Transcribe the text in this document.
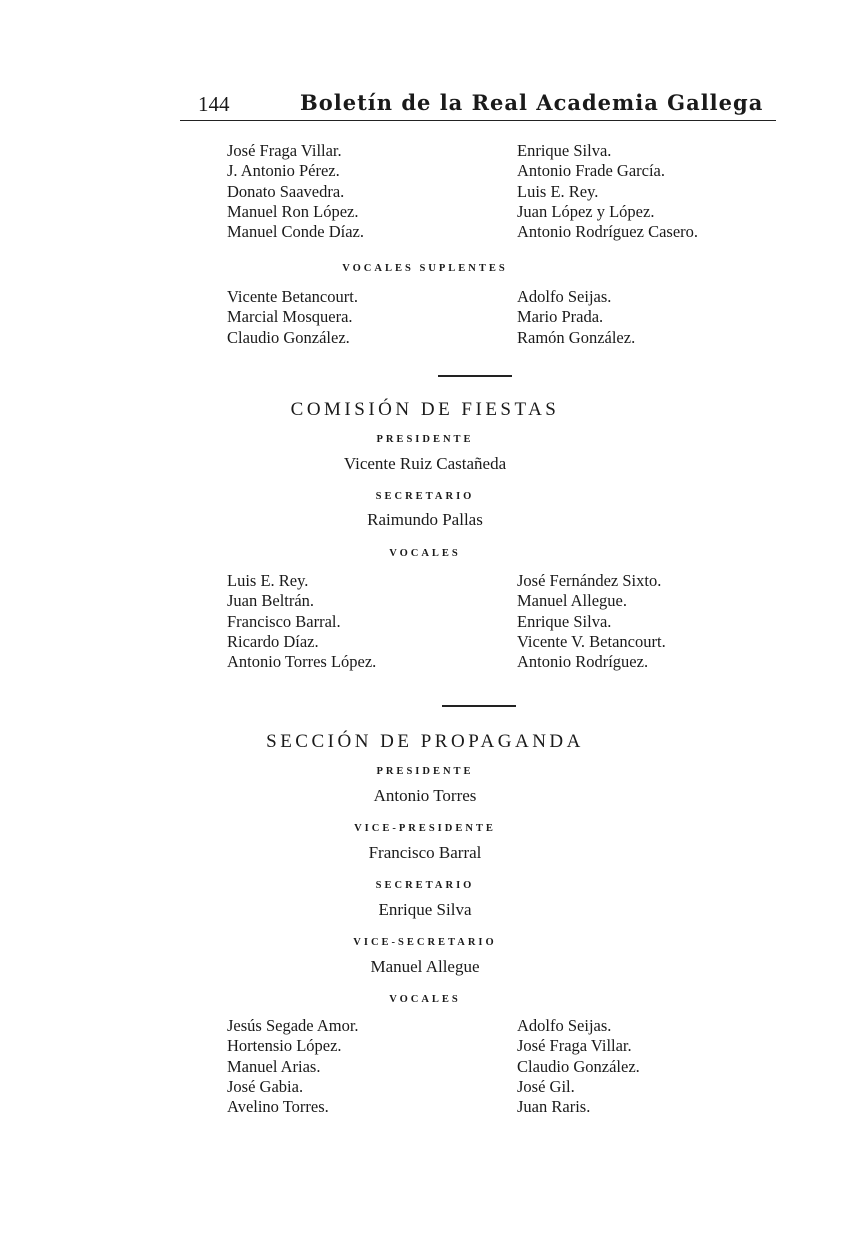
144	Boletín de la Real Academia Gallega
José Fraga Villar.
J. Antonio Pérez.
Donato Saavedra.
Manuel Ron López.
Manuel Conde Díaz.
Enrique Silva.
Antonio Frade García.
Luis E. Rey.
Juan López y López.
Antonio Rodríguez Casero.
VOCALES SUPLENTES
Vicente Betancourt.
Marcial Mosquera.
Claudio González.
Adolfo Seijas.
Mario Prada.
Ramón González.
COMISIÓN DE FIESTAS
PRESIDENTE
Vicente Ruiz Castañeda
SECRETARIO
Raimundo Pallas
VOCALES
Luis E. Rey.
Juan Beltrán.
Francisco Barral.
Ricardo Díaz.
Antonio Torres López.
José Fernández Sixto.
Manuel Allegue.
Enrique Silva.
Vicente V. Betancourt.
Antonio Rodríguez.
SECCIÓN DE PROPAGANDA
PRESIDENTE
Antonio Torres
VICE-PRESIDENTE
Francisco Barral
SECRETARIO
Enrique Silva
VICE-SECRETARIO
Manuel Allegue
VOCALES
Jesús Segade Amor.
Hortensio López.
Manuel Arias.
José Gabia.
Avelino Torres.
Adolfo Seijas.
José Fraga Villar.
Claudio González.
José Gil.
Juan Raris.
